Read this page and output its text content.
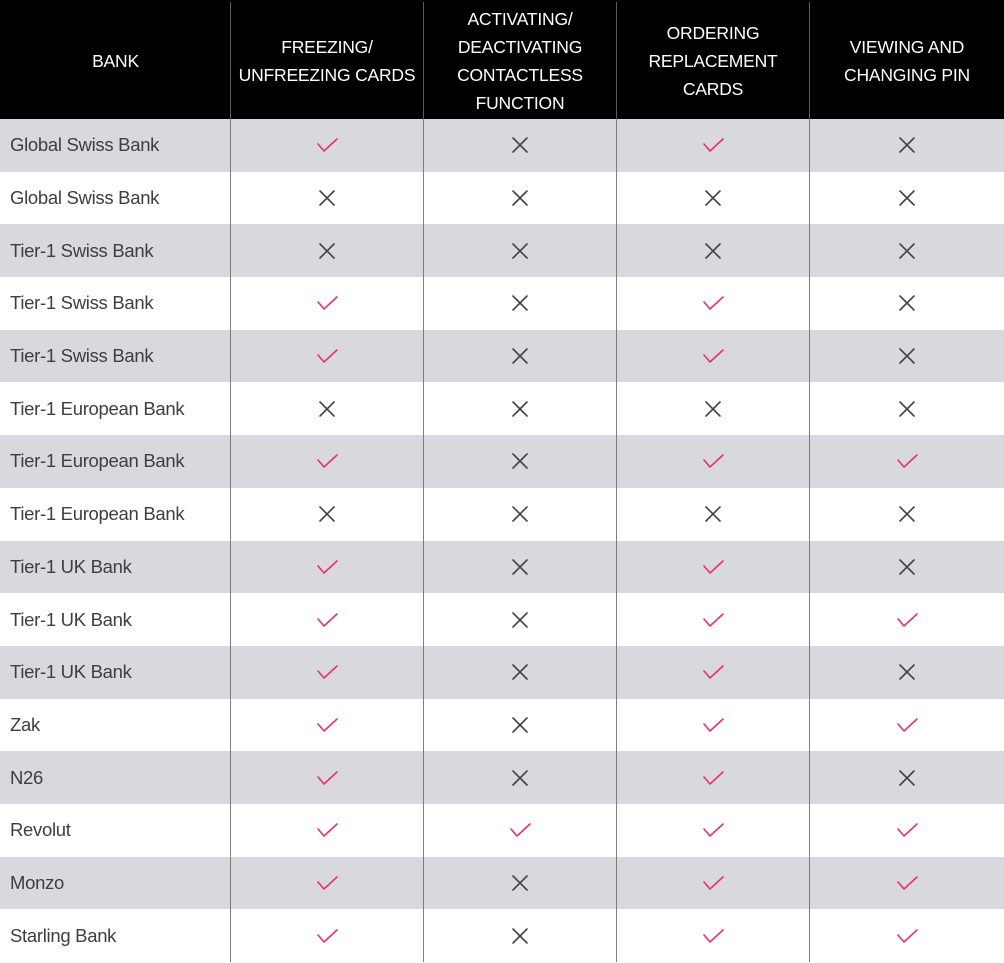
BANK
FREEZING/
UNFREEZING CARDS
ACTIVATING/
DEACTIVATING
CONTACTLESS
FUNCTION
ORDERING
REPLACEMENT CARDS
VIEWING AND
CHANGING PIN
Global Swiss Bank
Global Swiss Bank
Tier-1 Swiss Bank
Tier-1 Swiss Bank
Tier-1 Swiss Bank
Tier-1 European Bank
Tier-1 European Bank
Tier-1 European Bank
Tier-1 UK Bank
Tier-1 UK Bank
Tier-1 UK Bank
Zak
N26
Revolut
Monzo
Starling Bank
